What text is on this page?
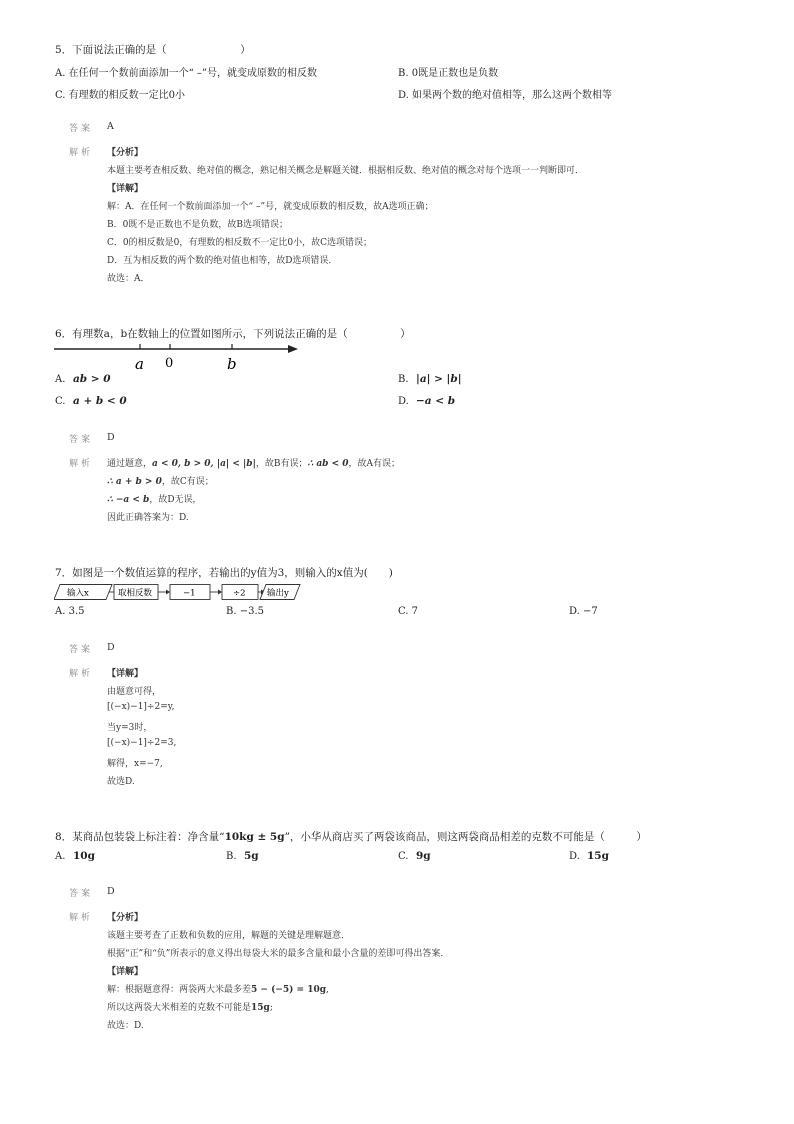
5．下面说法正确的是（　　　　　　　）
A. 在任何一个数前面添加一个“ –”号，就变成原数的相反数	B. 0既是正数也是负数
C. 有理数的相反数一定比0小	D. 如果两个数的绝对值相等，那么这两个数相等
答案 A
解析 【分析】
本题主要考查相反数、绝对值的概念，熟记相关概念是解题关键．根据相反数、绝对值的概念对每个选项一一判断即可．
【详解】
解：A．在任何一个数前面添加一个“ –”号，就变成原数的相反数，故A选项正确；
B．0既不是正数也不是负数，故B选项错误；
C．0的相反数是0，有理数的相反数不一定比0小，故C选项错误；
D．互为相反数的两个数的绝对值也相等，故D选项错误．
故选：A．
6．有理数a，b在数轴上的位置如图所示，下列说法正确的是（　　　　　）
a 0	b
A. ab > 0	B. |a| > |b|
C. a + b < 0	D. −a < b
答案 D
解析 通过题意，a < 0, b > 0, |a| < |b|，故B有误；∴ ab < 0，故A有误；
∴ a + b > 0，故C有误；
∴ −a < b，故D无误，
因此正确答案为：D.
7．如图是一个数值运算的程序，若输出的y值为3，则输入的x值为(　　)
输入x	取相反数	−1	÷2	输出y
A. 3.5	B. −3.5	C. 7	D. −7
答案 D
解析 【详解】
由题意可得，
[(−x)−1]÷2=y,
当y=3时，
[(−x)−1]÷2=3,
解得，x=−7,
故选D.
8．某商品包装袋上标注着：净含量“10kg ± 5g”，小华从商店买了两袋该商品，则这两袋商品相差的克数不可能是（　　　）
A. 10g	B. 5g	C. 9g	D. 15g
答案 D
解析 【分析】
该题主要考查了正数和负数的应用，解题的关键是理解题意．
根据“正”和“负”所表示的意义得出每袋大米的最多含量和最小含量的差即可得出答案．
【详解】
解：根据题意得：两袋两大米最多差5 − (−5) = 10g,
所以这两袋大米相差的克数不可能是15g;
故选：D.
